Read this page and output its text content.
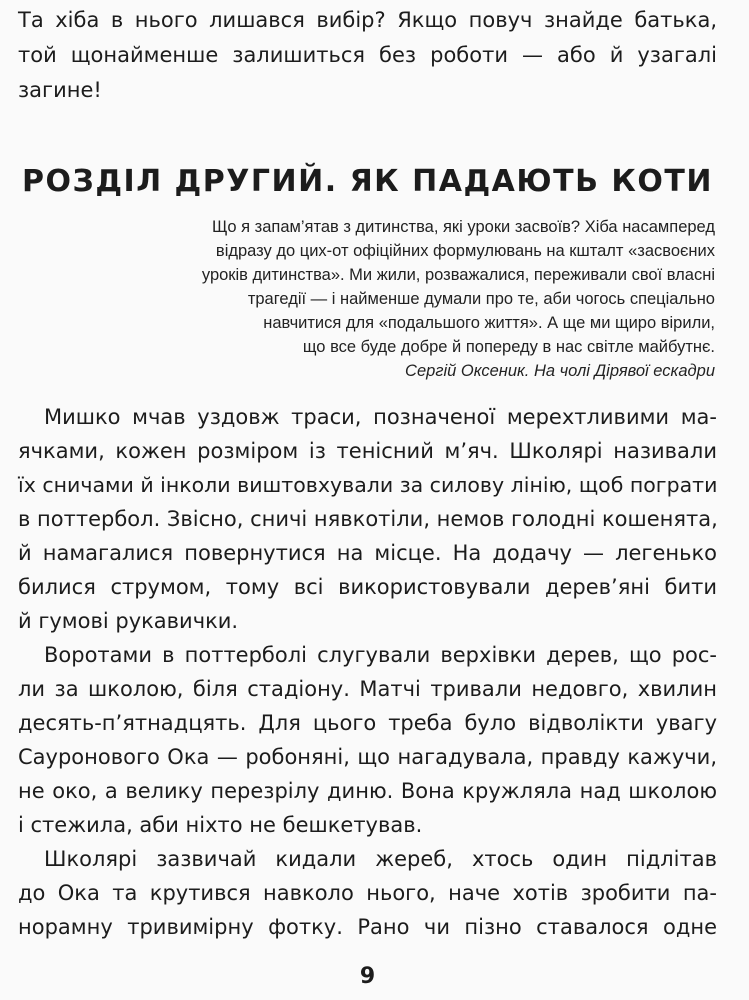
Та хіба в нього лишався вибір? Якщо повуч знайде батька,
той щонайменше залишиться без роботи — або й узагалі
загине!
РОЗДІЛ ДРУГИЙ. ЯК ПАДАЮТЬ КОТИ
Що я запам’ятав з дитинства, які уроки засвоїв? Хіба насамперед
відразу до цих-от офіційних формулювань на кшталт «засвоєних
уроків дитинства». Ми жили, розважалися, переживали свої власні
трагедії — і найменше думали про те, аби чогось спеціально
навчитися для «подальшого життя». А ще ми щиро вірили,
що все буде добре й попереду в нас світле майбутнє.
Сергій Оксеник. На чолі Дірявої ескадри
Мишко мчав уздовж траси, позначеної мерехтливими ма-
ячками, кожен розміром із тенісний м’яч. Школярі називали
їх сничами й інколи виштовхували за силову лінію, щоб пограти
в поттербол. Звісно, сничі нявкотіли, немов голодні кошенята,
й намагалися повернутися на місце. На додачу — легенько
билися струмом, тому всі використовували дерев’яні бити
й гумові рукавички.
Воротами в поттерболі слугували верхівки дерев, що рос-
ли за школою, біля стадіону. Матчі тривали недовго, хвилин
десять-п’ятнадцять. Для цього треба було відволікти увагу
Сауронового Ока — робоняні, що нагадувала, правду кажучи,
не око, а велику перезрілу диню. Вона кружляла над школою
і стежила, аби ніхто не бешкетував.
Школярі зазвичай кидали жереб, хтось один підлітав
до Ока та крутився навколо нього, наче хотів зробити па-
норамну тривимірну фотку. Рано чи пізно ставалося одне
9
